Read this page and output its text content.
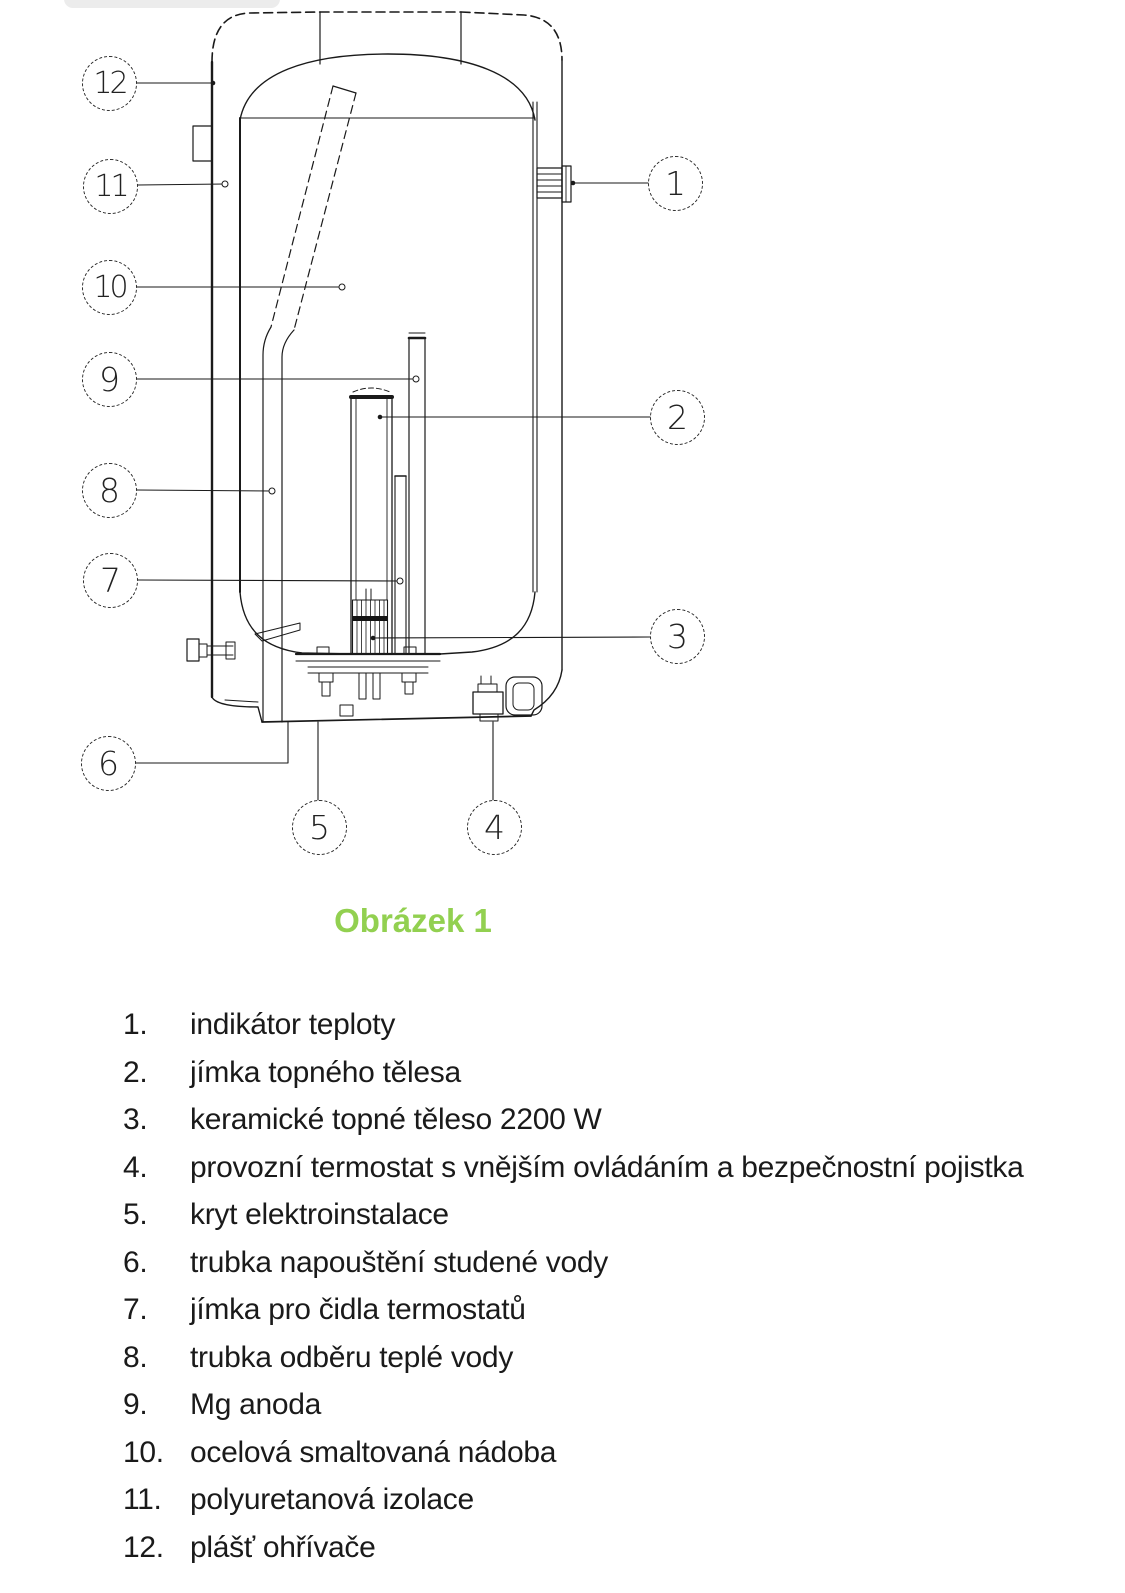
1
2
3
4
5
6
7
8
9
10
11
12
Obrázek 1
1.	indikátor teploty
2.	jímka topného tělesa
3.	keramické topné těleso 2200 W
4.	provozní termostat s vnějším ovládáním a bezpečnostní pojistka
5.	kryt elektroinstalace
6.	trubka napouštění studené vody
7.	jímka pro čidla termostatů
8.	trubka odběru teplé vody
9.	Mg anoda
10. ocelová smaltovaná nádoba
11. polyuretanová izolace
12. plášť ohřívače
